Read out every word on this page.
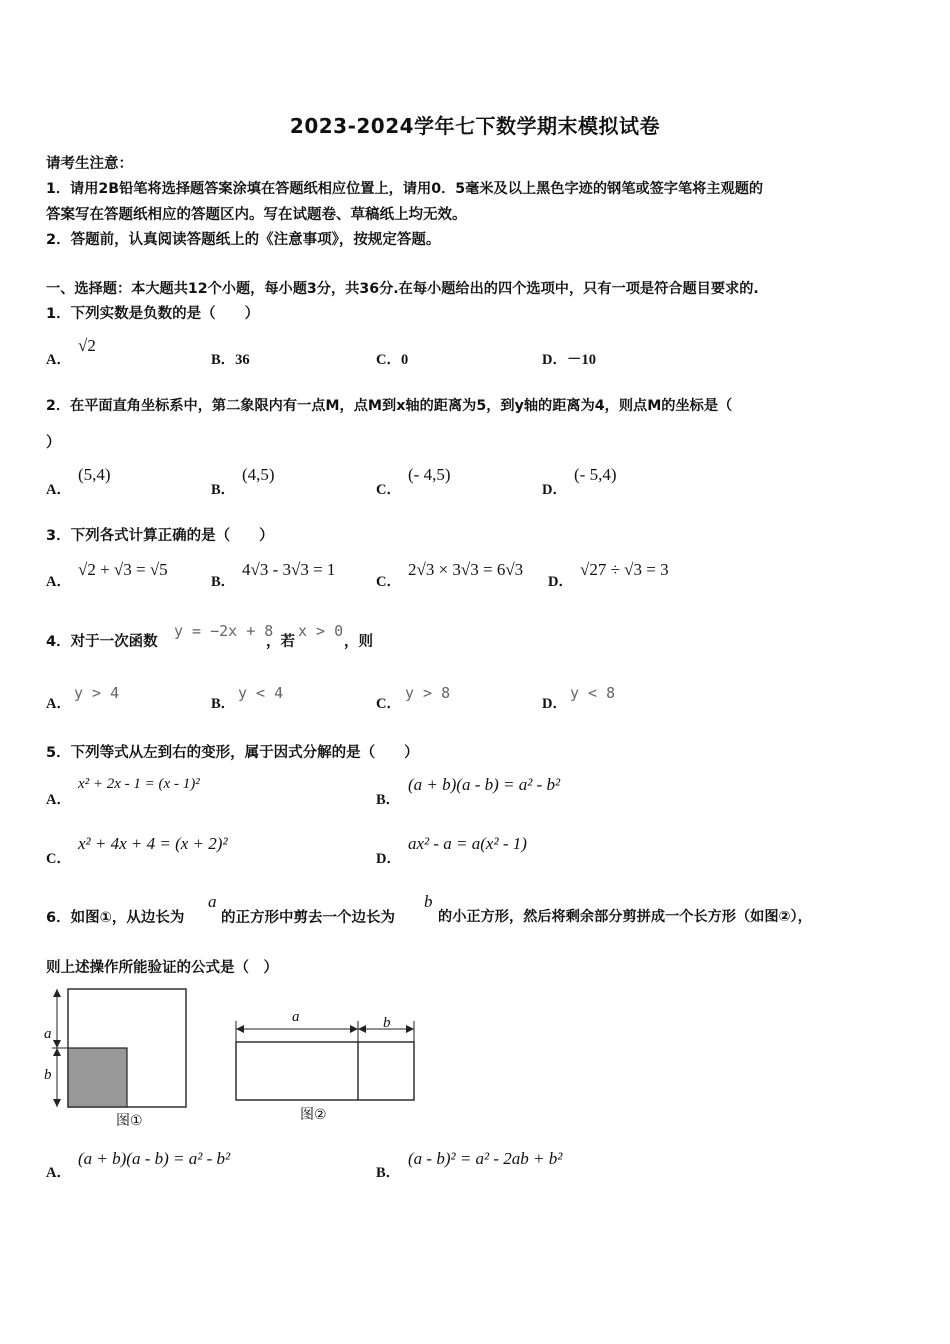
2023-2024学年七下数学期末模拟试卷
请考生注意：
1．请用2B铅笔将选择题答案涂填在答题纸相应位置上，请用0．5毫米及以上黑色字迹的钢笔或签字笔将主观题的
答案写在答题纸相应的答题区内。写在试题卷、草稿纸上均无效。
2．答题前，认真阅读答题纸上的《注意事项》，按规定答题。
一、选择题：本大题共12个小题，每小题3分，共36分.在每小题给出的四个选项中，只有一项是符合题目要求的.
1．下列实数是负数的是（　　）
A．
√2
B．36	C．0	D．－10
2．在平面直角坐标系中，第二象限内有一点M，点M到x轴的距离为5，到y轴的距离为4，则点M的坐标是（
）
A．
(5,4)
B．
(4,5)
C．
(- 4,5)
D．
(- 5,4)
3．下列各式计算正确的是（　　）
A．
√2 + √3 = √5
B．
4√3 - 3√3 = 1
C．
2√3 × 3√3 = 6√3
D．
√27 ÷ √3 = 3
4．对于一次函数
y = −2x + 8
，若
x > 0
，则
A．
y > 4
B．
y < 4
C．
y > 8
D．
y < 8
5．下列等式从左到右的变形，属于因式分解的是（　　）
A．
x² + 2x - 1 = (x - 1)²
B．
(a + b)(a - b) = a² - b²
C．
x² + 4x + 4 = (x + 2)²
D．
ax² - a = a(x² - 1)
6．如图①，从边长为
a
的正方形中剪去一个边长为
b
的小正方形，然后将剩余部分剪拼成一个长方形（如图②），
则上述操作所能验证的公式是（　）
a
b
图①
a	b
图②
A．
(a + b)(a - b) = a² - b²
B．
(a - b)² = a² - 2ab + b²
